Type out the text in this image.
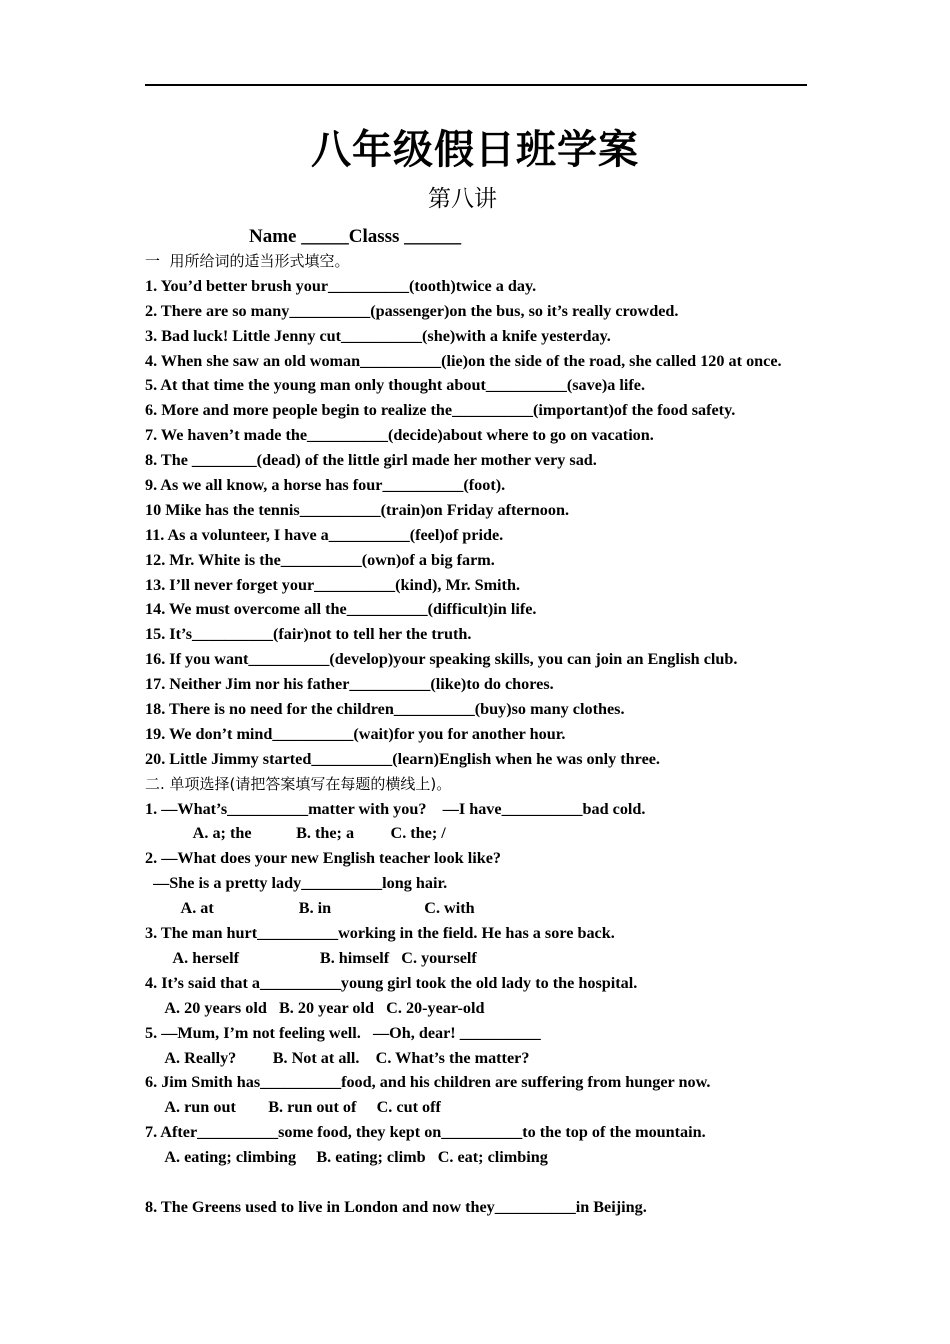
八年级假日班学案
第八讲
Name _____Classs ______
一  用所给词的适当形式填空。
1. You’d better brush your__________(tooth)twice a day.
2. There are so many__________(passenger)on the bus, so it’s really crowded.
3. Bad luck! Little Jenny cut__________(she)with a knife yesterday.
4. When she saw an old woman__________(lie)on the side of the road, she called 120 at once.
5. At that time the young man only thought about__________(save)a life.
6. More and more people begin to realize the__________(important)of the food safety.
7. We haven’t made the__________(decide)about where to go on vacation.
8. The ________(dead) of the little girl made her mother very sad.
9. As we all know, a horse has four__________(foot).
10 Mike has the tennis__________(train)on Friday afternoon.
11. As a volunteer, I have a__________(feel)of pride.
12. Mr. White is the__________(own)of a big farm.
13. I’ll never forget your__________(kind), Mr. Smith.
14. We must overcome all the__________(difficult)in life.
15. It’s__________(fair)not to tell her the truth.
16. If you want__________(develop)your speaking skills, you can join an English club.
17. Neither Jim nor his father__________(like)to do chores.
18. There is no need for the children__________(buy)so many clothes.
19. We don’t mind__________(wait)for you for another hour.
20. Little Jimmy started__________(learn)English when he was only three.
二. 单项选择(请把答案填写在每题的横线上)。
1. —What’s__________matter with you?    —I have__________bad cold.
A. a; the           B. the; a         C. the; /
2. —What does your new English teacher look like?
—She is a pretty lady__________long hair.
A. at                     B. in                       C. with
3. The man hurt__________working in the field. He has a sore back.
A. herself                    B. himself   C. yourself
4. It’s said that a__________young girl took the old lady to the hospital.
A. 20 years old   B. 20 year old   C. 20-year-old
5. —Mum, I’m not feeling well.   —Oh, dear! __________
A. Really?         B. Not at all.    C. What’s the matter?
6. Jim Smith has__________food, and his children are suffering from hunger now.
A. run out        B. run out of     C. cut off
7. After__________some food, they kept on__________to the top of the mountain.
A. eating; climbing     B. eating; climb   C. eat; climbing
8. The Greens used to live in London and now they__________in Beijing.
